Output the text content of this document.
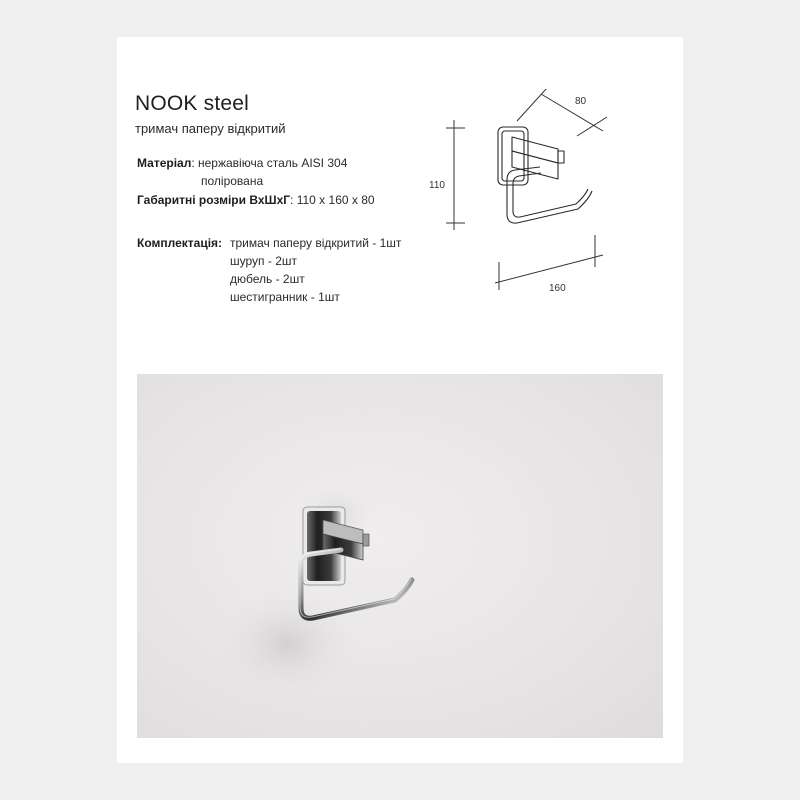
NOOK steel
тримач паперу відкритий
Матеріал: нержавіюча сталь AISI 304
полірована
Габаритні розміри ВхШхГ: 110 х 160 х 80
Комплектація: тримач паперу відкритий - 1шт
шуруп - 2шт
дюбель - 2шт
шестигранник - 1шт
80
110
160
